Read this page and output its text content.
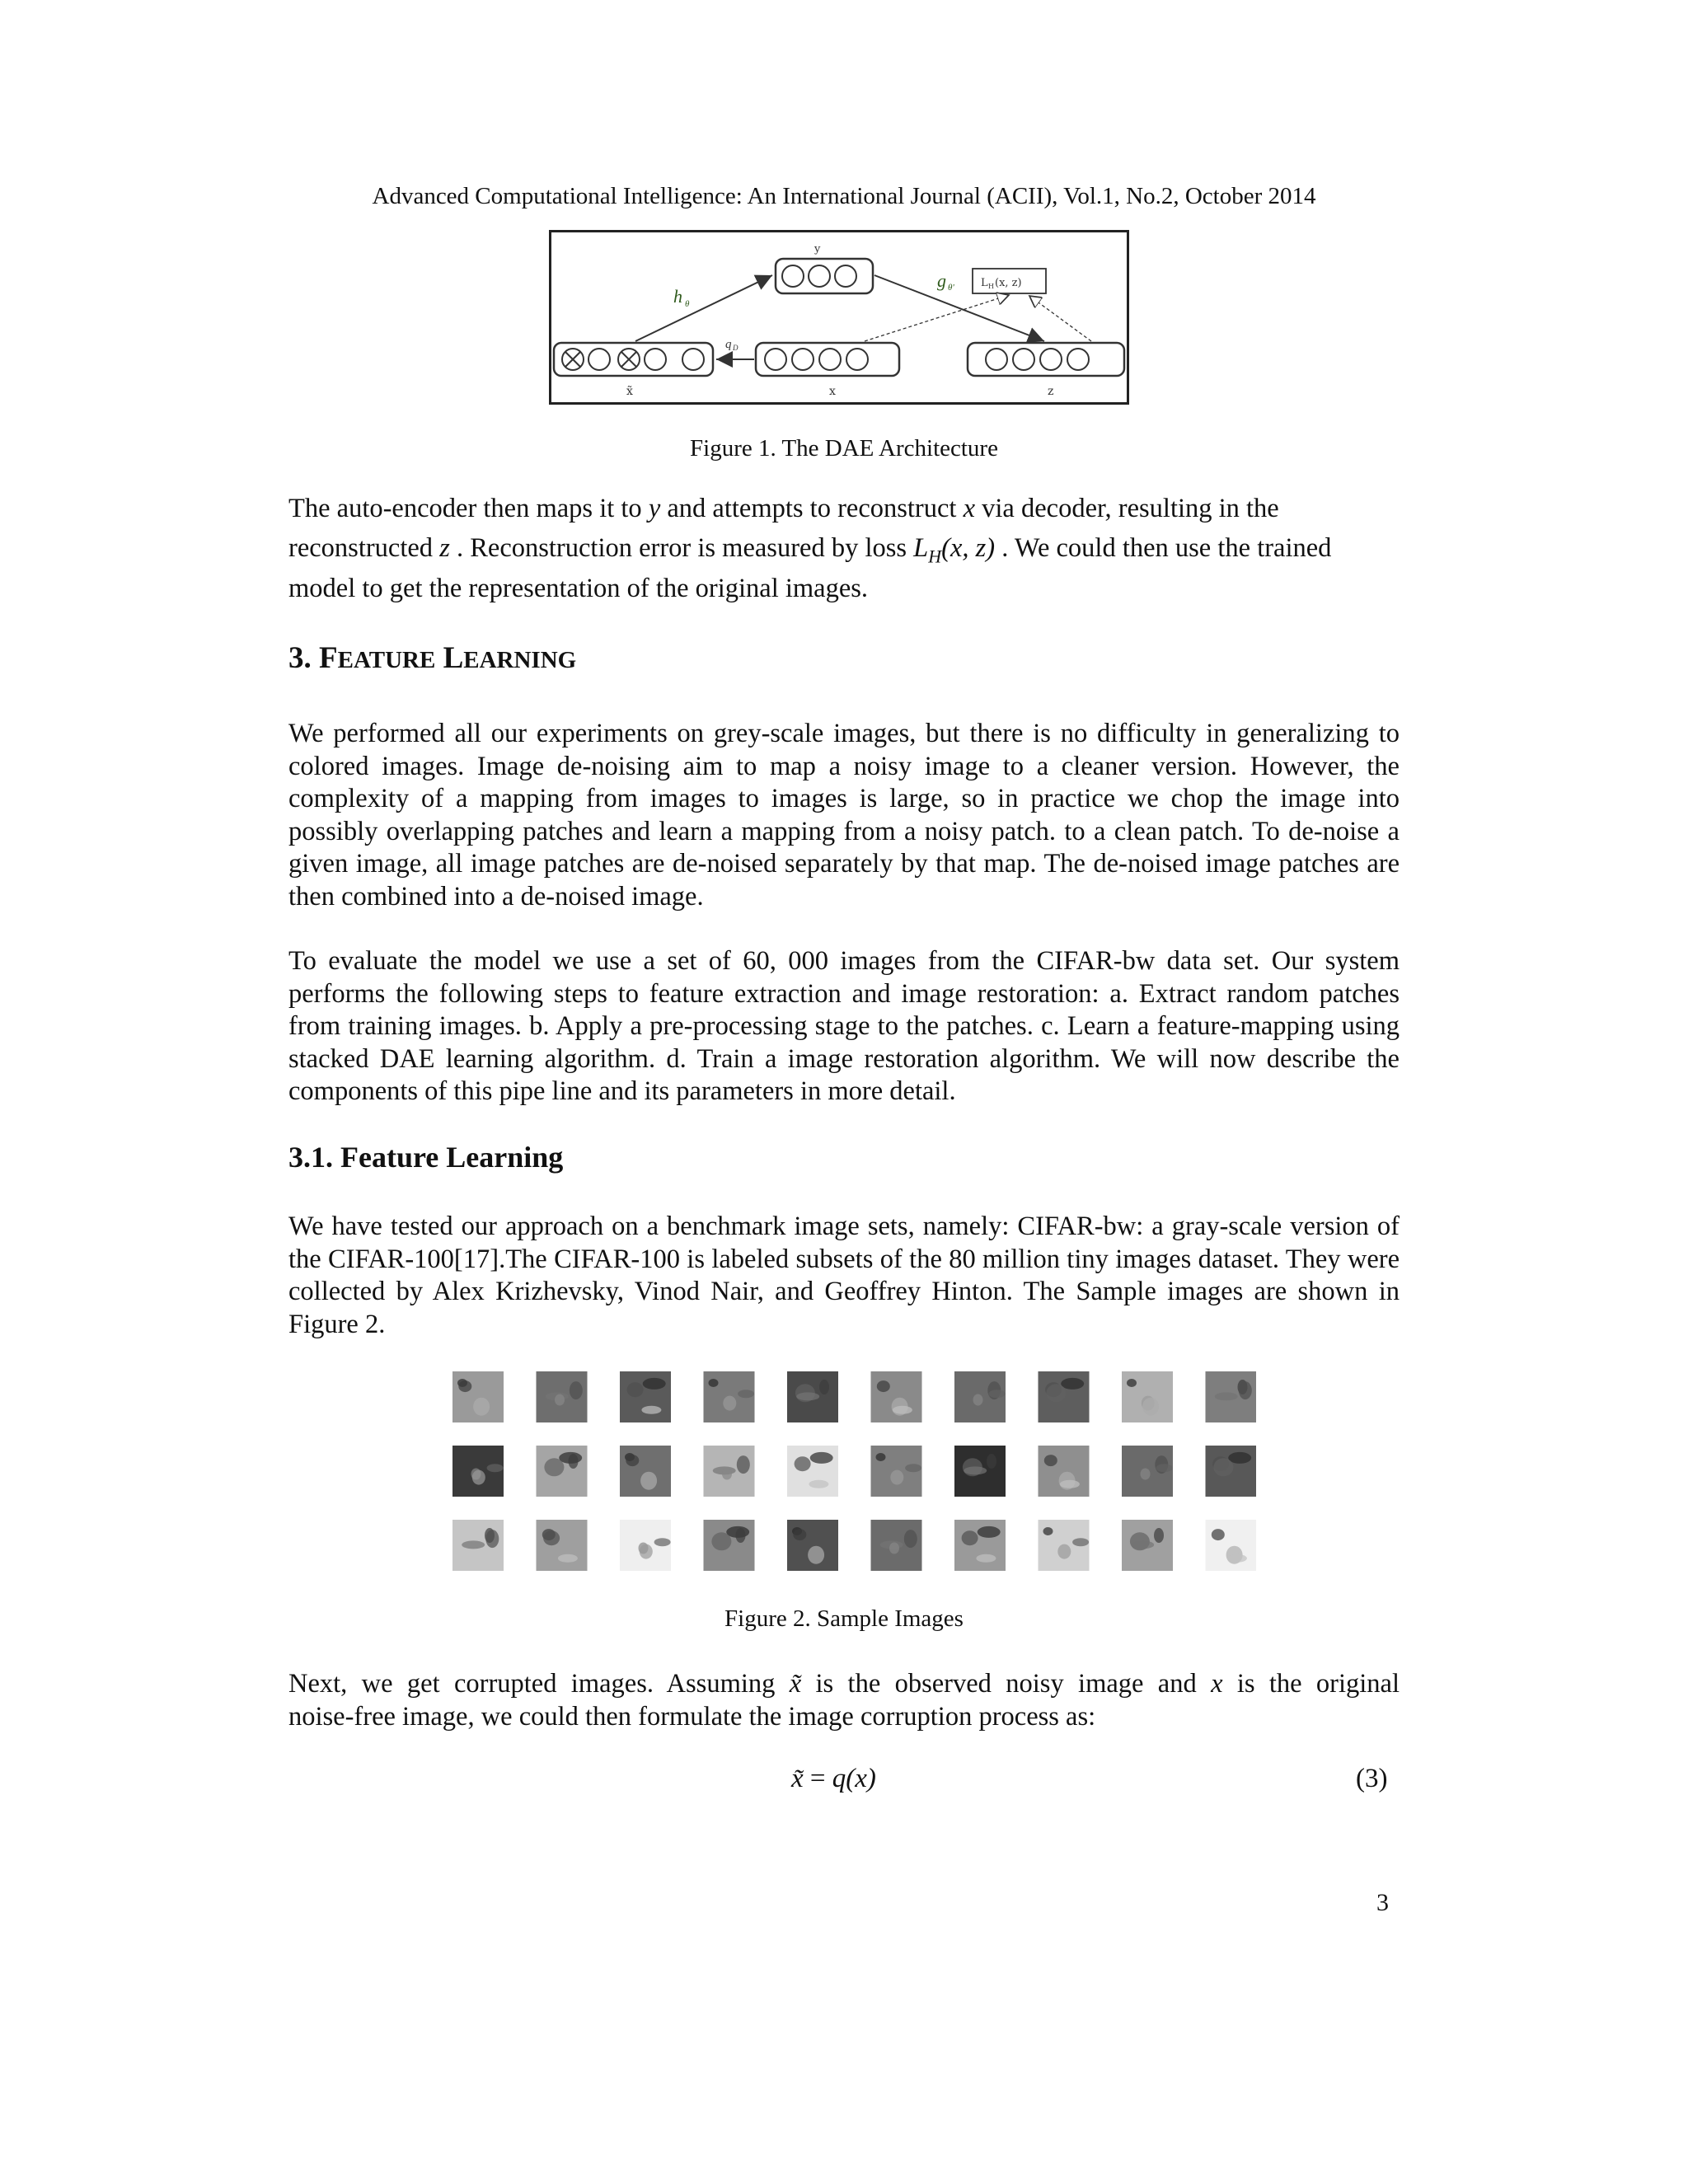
Advanced Computational Intelligence: An International Journal (ACII), Vol.1, No.2, October 2014
y
h θ
g θ' L H (x, z)
q D
x̃	x	z
Figure 1. The DAE Architecture
The auto-encoder then maps it to y and attempts to reconstruct x via decoder, resulting in the
reconstructed z . Reconstruction error is measured by loss $L_H(x$, z) . We could then use the trained
model to get the representation of the original images.
3. FEATURE LEARNING
We performed all our experiments on grey-scale images, but there is no difficulty in generalizing to colored images. Image de-noising aim to map a noisy image to a cleaner version. However, the complexity of a mapping from images to images is large, so in practice we chop the image into possibly overlapping patches and learn a mapping from a noisy patch. to a clean patch. To de-noise a given image, all image patches are de-noised separately by that map. The de-noised image patches are then combined into a de-noised image.
To evaluate the model we use a set of 60, 000 images from the CIFAR-bw data set. Our system performs the following steps to feature extraction and image restoration: a. Extract random patches from training images. b. Apply a pre-processing stage to the patches. c. Learn a feature-mapping using stacked DAE learning algorithm. d. Train a image restoration algorithm. We will now describe the components of this pipe line and its parameters in more detail.
3.1. Feature Learning
We have tested our approach on a benchmark image sets, namely: CIFAR-bw: a gray-scale version of the CIFAR-100[17].The CIFAR-100 is labeled subsets of the 80 million tiny images dataset. They were collected by Alex Krizhevsky, Vinod Nair, and Geoffrey Hinton. The Sample images are shown in Figure 2.
Figure 2. Sample Images
Next, we get corrupted images. Assuming x̃ is the observed noisy image and x is the original
noise-free image, we could then formulate the image corruption process as:
x̃ = q(x)	(3)
3
